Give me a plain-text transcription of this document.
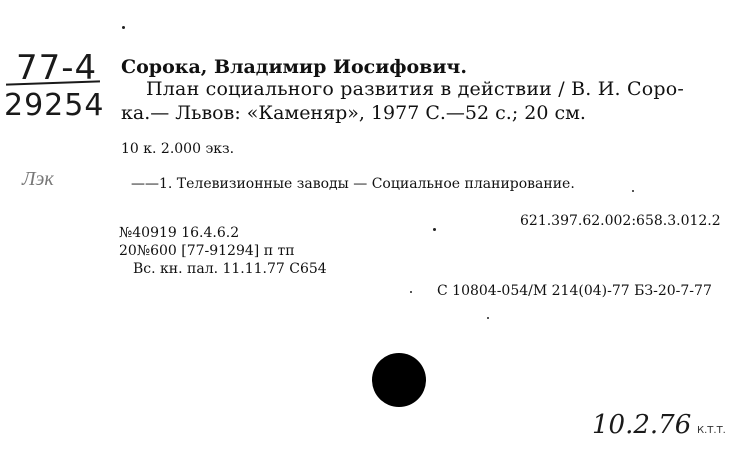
77-4
29254
Сорока, Владимир Иосифович.
План социального развития в действии / В. И. Соро-
ка.— Львов: «Каменяр», 1977 С.—52 с.; 20 см.
10 к. 2.000 экз.
Лэк	——1. Телевизионные заводы — Социальное планирование.
621.397.62.002:658.3.012.2
№40919 16.4.6.2
20№600 [77-91294] п тп
Вс. кн. пал. 11.11.77 С654
С 10804-054/М 214(04)-77 БЗ-20-7-77
10.2.76 К.Т.Т.
